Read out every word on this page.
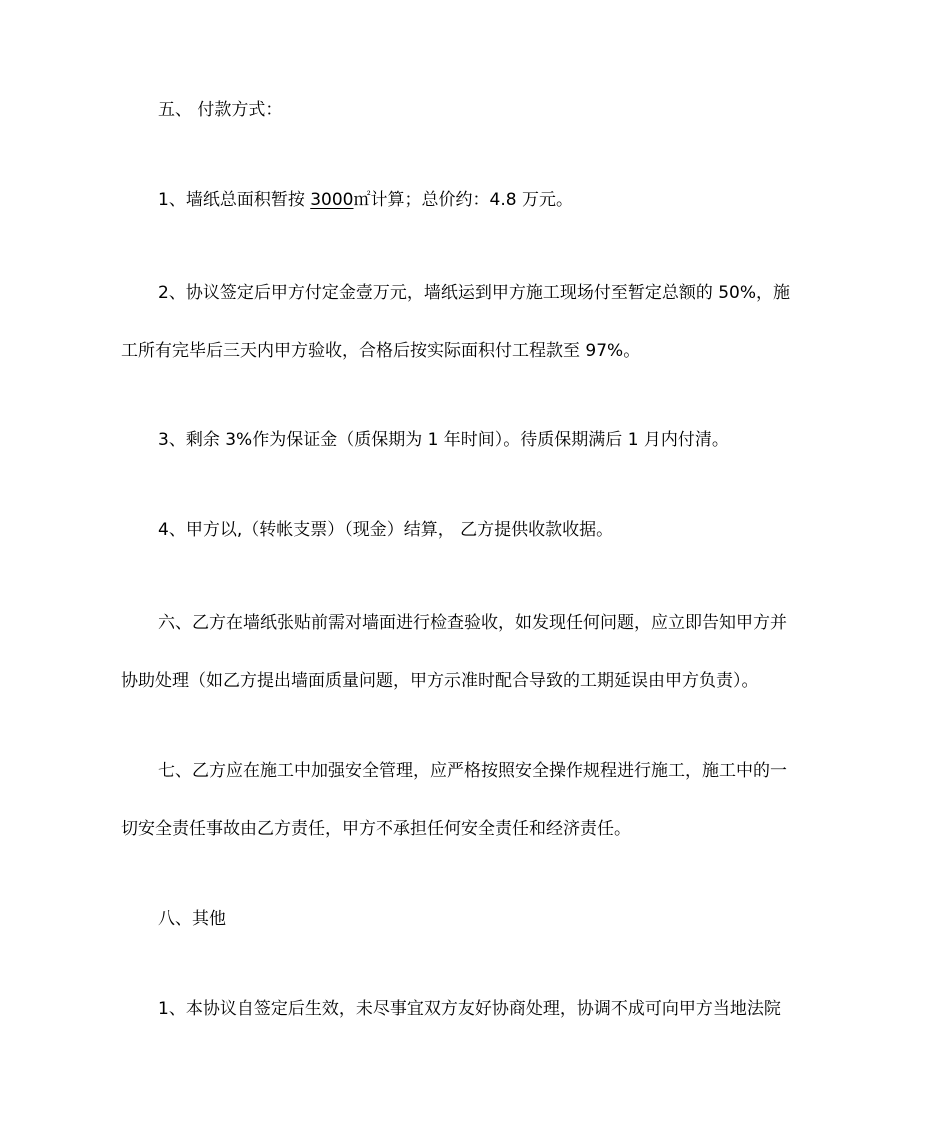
五、 付款方式：
1、墙纸总面积暂按 3000㎡计算；总价约：4.8 万元。
2、协议签定后甲方付定金壹万元，墙纸运到甲方施工现场付至暂定总额的 50%，施
工所有完毕后三天内甲方验收，合格后按实际面积付工程款至 97%。
3、剩余 3%作为保证金（质保期为 1 年时间）。待质保期满后 1 月内付清。
4、甲方以,（转帐支票）（现金）结算， 乙方提供收款收据。
六、乙方在墙纸张贴前需对墙面进行检查验收，如发现任何问题，应立即告知甲方并
协助处理（如乙方提出墙面质量问题，甲方示准时配合导致的工期延误由甲方负责）。
七、乙方应在施工中加强安全管理，应严格按照安全操作规程进行施工，施工中的一
切安全责任事故由乙方责任，甲方不承担任何安全责任和经济责任。
八、其他
1、本协议自签定后生效，未尽事宜双方友好协商处理，协调不成可向甲方当地法院
